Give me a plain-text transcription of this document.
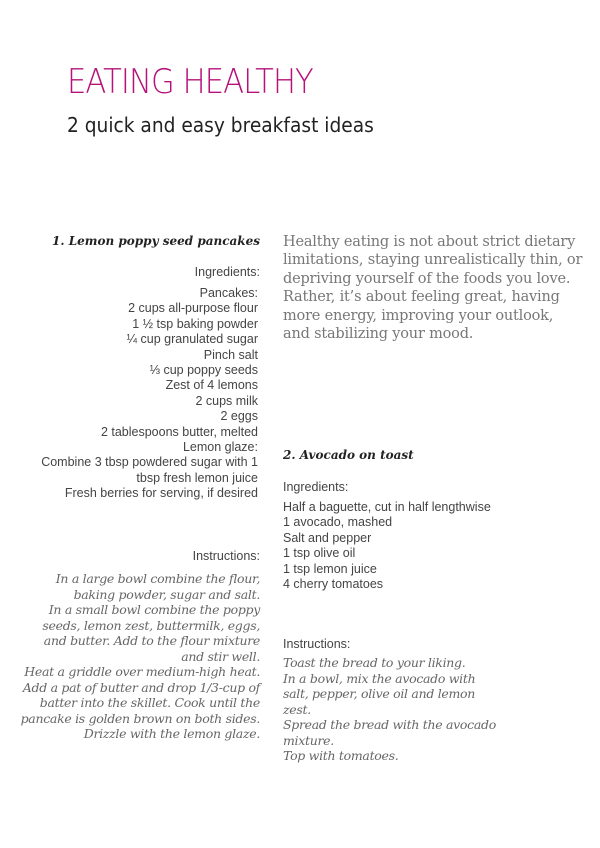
EATING HEALTHY

2 quick and easy breakfast ideas

1. Lemon poppy seed pancakes

Ingredients:

Pancakes:
2 cups all-purpose flour
1 ½ tsp baking powder
¼ cup granulated sugar
Pinch salt
⅓ cup poppy seeds
Zest of 4 lemons
2 cups milk
2 eggs
2 tablespoons butter, melted
Lemon glaze:
Combine 3 tbsp powdered sugar with 1 tbsp fresh lemon juice
Fresh berries for serving, if desired

Instructions:

In a large bowl combine the flour, baking powder, sugar and salt.
In a small bowl combine the poppy seeds, lemon zest, buttermilk, eggs, and butter. Add to the flour mixture and stir well.
Heat a griddle over medium-high heat. Add a pat of butter and drop 1/3-cup of batter into the skillet. Cook until the pancake is golden brown on both sides.
Drizzle with the lemon glaze.

Healthy eating is not about strict dietary limitations, staying unrealistically thin, or depriving yourself of the foods you love. Rather, it’s about feeling great, having more energy, improving your outlook, and stabilizing your mood.

2. Avocado on toast

Ingredients:

Half a baguette, cut in half lengthwise
1 avocado, mashed
Salt and pepper
1 tsp olive oil
1 tsp lemon juice
4 cherry tomatoes

Instructions:

Toast the bread to your liking.
In a bowl, mix the avocado with salt, pepper, olive oil and lemon zest.
Spread the bread with the avocado mixture.
Top with tomatoes.
